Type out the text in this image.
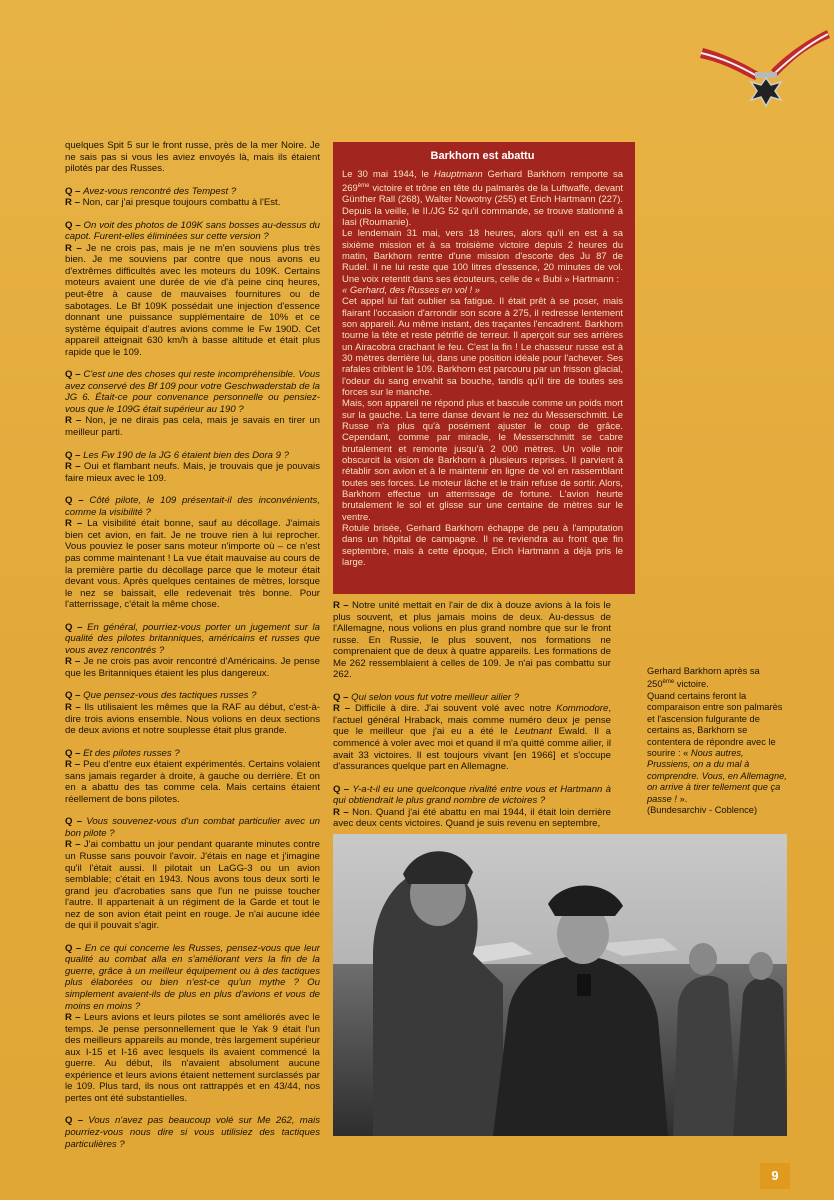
quelques Spit 5 sur le front russe, près de la mer Noire. Je ne sais pas si vous les aviez envoyés là, mais ils étaient pilotés par des Russes.

Q – Avez-vous rencontré des Tempest ?

R – Non, car j'ai presque toujours combattu à l'Est.

Q – On voit des photos de 109K sans bosses au-dessus du capot. Furent-elles éliminées sur cette version ?

R – Je ne crois pas, mais je ne m'en souviens plus très bien. Je me souviens par contre que nous avons eu d'extrêmes difficultés avec les moteurs du 109K. Certains moteurs avaient une durée de vie d'à peine cinq heures, peut-être à cause de mauvaises fournitures ou de sabotages. Le Bf 109K possédait une injection d'essence donnant une puissance supplémentaire de 10% et ce système équipait d'autres avions comme le Fw 190D. Cet appareil atteignait 630 km/h à basse altitude et était plus rapide que le 109.

Q – C'est une des choses qui reste incompréhensible. Vous avez conservé des Bf 109 pour votre Geschwaderstab de la JG 6. Était-ce pour convenance personnelle ou pensiez-vous que le 109G était supérieur au 190 ?

R – Non, je ne dirais pas cela, mais je savais en tirer un meilleur parti.

Q – Les Fw 190 de la JG 6 étaient bien des Dora 9 ?

R – Oui et flambant neufs. Mais, je trouvais que je pouvais faire mieux avec le 109.

Q – Côté pilote, le 109 présentait-il des inconvénients, comme la visibilité ?

R – La visibilité était bonne, sauf au décollage. J'aimais bien cet avion, en fait. Je ne trouve rien à lui reprocher. Vous pouviez le poser sans moteur n'importe où – ce n'est pas comme maintenant ! La vue était mauvaise au cours de la première partie du décollage parce que le moteur était devant vous. Après quelques centaines de mètres, lorsque le nez se baissait, elle redevenait très bonne. Pour l'atterrissage, c'était la même chose.

Q – En général, pourriez-vous porter un jugement sur la qualité des pilotes britanniques, américains et russes que vous avez rencontrés ?

R – Je ne crois pas avoir rencontré d'Américains. Je pense que les Britanniques étaient les plus dangereux.

Q – Que pensez-vous des tactiques russes ?

R – Ils utilisaient les mêmes que la RAF au début, c'est-à-dire trois avions ensemble. Nous volions en deux sections de deux avions et notre souplesse était plus grande.

Q – Et des pilotes russes ?

R – Peu d'entre eux étaient expérimentés. Certains volaient sans jamais regarder à droite, à gauche ou derrière. Et on en a abattu des tas comme cela. Mais certains étaient réellement de bons pilotes.

Q – Vous souvenez-vous d'un combat particulier avec un bon pilote ?

R – J'ai combattu un jour pendant quarante minutes contre un Russe sans pouvoir l'avoir. J'étais en nage et j'imagine qu'il l'était aussi. Il pilotait un LaGG-3 ou un avion semblable; c'était en 1943. Nous avons tous deux sorti le grand jeu d'acrobaties sans que l'un ne puisse toucher l'autre. Il appartenait à un régiment de la Garde et tout le nez de son avion était peint en rouge. Je n'ai aucune idée de qui il pouvait s'agir.

Q – En ce qui concerne les Russes, pensez-vous que leur qualité au combat alla en s'améliorant vers la fin de la guerre, grâce à un meilleur équipement ou à des tactiques plus élaborées ou bien n'est-ce qu'un mythe ? Ou simplement avaient-ils de plus en plus d'avions et vous de moins en moins ?

R – Leurs avions et leurs pilotes se sont améliorés avec le temps. Je pense personnellement que le Yak 9 était l'un des meilleurs appareils au monde, très largement supérieur aux I-15 et I-16 avec lesquels ils avaient commencé la guerre. Au début, ils n'avaient absolument aucune expérience et leurs avions étaient nettement surclassés par le 109. Plus tard, ils nous ont rattrappés et en 43/44, nos pertes ont été substantielles.

Q – Vous n'avez pas beaucoup volé sur Me 262, mais pourriez-vous nous dire si vous utilisiez des tactiques particulières ?

Barkhorn est abattu

Le 30 mai 1944, le Hauptmann Gerhard Barkhorn remporte sa 269ème victoire et trône en tête du palmarès de la Luftwaffe, devant Günther Rall (268), Walter Nowotny (255) et Erich Hartmann (227). Depuis la veille, le II./JG 52 qu'il commande, se trouve stationné à Iasi (Roumanie).

Le lendemain 31 mai, vers 18 heures, alors qu'il en est à sa sixième mission et à sa troisième victoire depuis 2 heures du matin, Barkhorn rentre d'une mission d'escorte des Ju 87 de Rudel. Il ne lui reste que 100 litres d'essence, 20 minutes de vol. Une voix retentit dans ses écouteurs, celle de « Bubi » Hartmann :
« Gerhard, des Russes en vol ! »

Cet appel lui fait oublier sa fatigue. Il était prêt à se poser, mais flairant l'occasion d'arrondir son score à 275, il redresse lentement son appareil. Au même instant, des traçantes l'encadrent. Barkhorn tourne la tête et reste pétrifié de terreur. Il aperçoit sur ses arrières un Airacobra crachant le feu. C'est la fin ! Le chasseur russe est à 30 mètres derrière lui, dans une position idéale pour l'achever. Ses rafales criblent le 109. Barkhorn est parcouru par un frisson glacial, l'odeur du sang envahit sa bouche, tandis qu'il tire de toutes ses forces sur le manche.

Mais, son appareil ne répond plus et bascule comme un poids mort sur la gauche. La terre danse devant le nez du Messerschmitt. Le Russe n'a plus qu'à posément ajuster le coup de grâce. Cependant, comme par miracle, le Messerschmitt se cabre brutalement et remonte jusqu'à 2 000 mètres. Un voile noir obscurcit la vision de Barkhorn à plusieurs reprises. Il parvient à rétablir son avion et à le maintenir en ligne de vol en rassemblant toutes ses forces. Le moteur lâche et le train refuse de sortir. Alors, Barkhorn effectue un atterrissage de fortune. L'avion heurte brutalement le sol et glisse sur une centaine de mètres sur le ventre.

Rotule brisée, Gerhard Barkhorn échappe de peu à l'amputation dans un hôpital de campagne. Il ne reviendra au front que fin septembre, mais à cette époque, Erich Hartmann a déjà pris le large.

R – Notre unité mettait en l'air de dix à douze avions à la fois le plus souvent, et plus jamais moins de deux. Au-dessus de l'Allemagne, nous volions en plus grand nombre que sur le front russe. En Russie, le plus souvent, nos formations ne comprenaient que de deux à quatre appareils. Les formations de Me 262 ressemblaient à celles de 109. Je n'ai pas combattu sur 262.

Q – Qui selon vous fut votre meilleur ailier ?

R – Difficile à dire. J'ai souvent volé avec notre Kommodore, l'actuel général Hraback, mais comme numéro deux je pense que le meilleur que j'ai eu a été le Leutnant Ewald. Il a commencé à voler avec moi et quand il m'a quitté comme ailier, il avait 33 victoires. Il est toujours vivant [en 1966] et s'occupe d'assurances quelque part en Allemagne.

Q – Y-a-t-il eu une quelconque rivalité entre vous et Hartmann à qui obtiendrait le plus grand nombre de victoires ?

R – Non. Quand j'ai été abattu en mai 1944, il était loin derrière avec deux cents victoires. Quand je suis revenu en septembre,

Gerhard Barkhorn après sa 250ème victoire.
Quand certains feront la comparaison entre son palmarès et l'ascension fulgurante de certains as, Barkhorn se contentera de répondre avec le sourire : « Nous autres, Prussiens, on a du mal à comprendre. Vous, en Allemagne, on arrive à tirer tellement que ça passe ! ».
(Bundesarchiv - Coblence)
9
